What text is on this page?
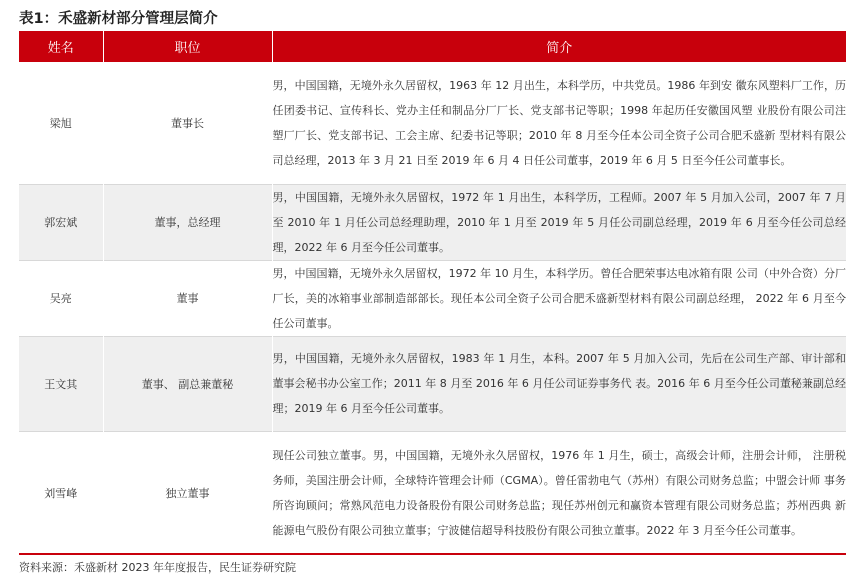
表1：禾盛新材部分管理层简介
姓名	职位	简介
梁旭	董事长	男，中国国籍，无境外永久居留权，1963 年 12 月出生，本科学历，中共党员。1986 年到安 徽东风塑料厂工作，历任团委书记、宣传科长、党办主任和制品分厂厂长、党支部书记等职；1998 年起历任安徽国风塑 业股份有限公司注塑厂厂长、党支部书记、工会主席、纪委书记等职；2010 年 8 月至今任本公司全资子公司合肥禾盛新 型材料有限公司总经理，2013 年 3 月 21 日至 2019 年 6 月 4 日任公司董事，2019 年 6 月 5 日至今任公司董事长。
郭宏斌	董事，总经理	男，中国国籍，无境外永久居留权，1972 年 1 月出生，本科学历，工程师。2007 年 5 月加入公司，2007 年 7 月至 2010 年 1 月任公司总经理助理，2010 年 1 月至 2019 年 5 月任公司副总经理，2019 年 6 月至今任公司总经理，2022 年 6 月至今任公司董事。
吴亮	董事	男，中国国籍，无境外永久居留权，1972 年 10 月生，本科学历。曾任合肥荣事达电冰箱有限 公司（中外合资）分厂厂长，美的冰箱事业部制造部部长。现任本公司全资子公司合肥禾盛新型材料有限公司副总经理， 2022 年 6 月至今任公司董事。
王文其	董事、 副总兼董秘	男，中国国籍，无境外永久居留权，1983 年 1 月生，本科。2007 年 5 月加入公司，先后在公司生产部、审计部和董事会秘书办公室工作；2011 年 8 月至 2016 年 6 月任公司证券事务代 表。2016 年 6 月至今任公司董秘兼副总经理；2019 年 6 月至今任公司董事。
刘雪峰	独立董事	现任公司独立董事。男，中国国籍，无境外永久居留权，1976 年 1 月生，硕士，高级会计师，注册会计师， 注册税务师，美国注册会计师，全球特许管理会计师（CGMA）。曾任雷勃电气（苏州）有限公司财务总监；中盟会计师 事务所咨询顾问；常熟风范电力设备股份有限公司财务总监；现任苏州创元和赢资本管理有限公司财务总监；苏州西典 新能源电气股份有限公司独立董事；宁波健信超导科技股份有限公司独立董事。2022 年 3 月至今任公司董事。
资料来源：禾盛新材 2023 年年度报告，民生证券研究院
